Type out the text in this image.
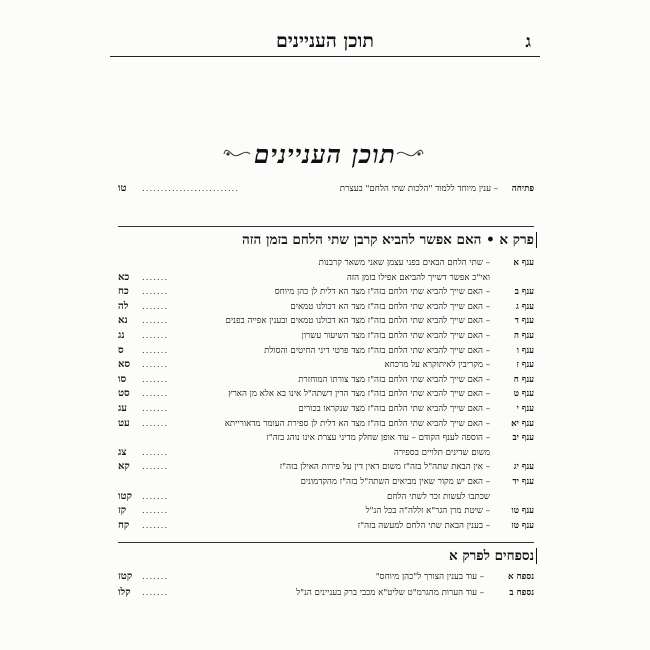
תוכן העניינים	ג
תוכן העניינים
פתיחה
– ענין מיוחד ללמוד "הלכות שתי הלחם" בעצרת
..........................
טו
פרק א • האם אפשר להביא קרבן שתי הלחם בזמן הזה
ענף א
– שתי הלחם הבאים בפני עצמן שאני משאר קרבנות
ואי"כ אפשר דשייך להביאם אפילו בזמן הזה
.......
כא
ענף ב
– האם שייך להביא שתי הלחם בזה"ז מצד הא דלית לן כהן מיוחס
.......
כח
ענף ג
– האם שייך להביא שתי הלחם בזה"ז מצד הא דכולנו טמאים
.......
לה
ענף ד
– האם שייך להביא שתי הלחם בזה"ז מצד הא דכולנו טמאים ובענין אפייה בפנים
.......
נא
ענף ה
– האם שייך להביא שתי הלחם בזה"ז מצד השיעור עשרון
.......
נג
ענף ו
– האם שייך להביא שתי הלחם בזה"ז מצד פרטי דיני החיטים והסולת
.......
ס
ענף ז
– מקריבין לאיתוקרא על מרכחא
.......
סא
ענף ח
– האם שייך להביא שתי הלחם בזה"ז מצד צורתו המוחזרת
.......
סו
ענף ט
– האם שייך להביא שתי הלחם בזה"ז מצד הדין דשתה"ל אינו בא אלא מן הארץ
.......
סט
ענף י
– האם שייך להביא שתי הלחם בזה"ז מצד שנקראו בכורים
.......
עג
ענף יא
– האם שייך להביא שתי הלחם בזה"ז מצד הא דלית לן ספירת העומר מדאורייתא
.......
עט
ענף יב
– הוספה לענף הקודם – עוד אופן שחלק מדיני עצרת אינו נוהג בזה"ז
משום שדינים תלויים בספירה
.......
צג
ענף יג
– אין הבאת שתה"ל בזה"ז משום דאין דין על פירות האילן בזה"ז
.......
קא
ענף יד
– האם יש מקור שאין מביאים השתה"ל בזה"ז מהקדמונים
שכתבו לעשות זכר לשתי הלחם
.......
קטו
ענף טו
– שיטת מרן הגר"א זללה"ה בכל הנ"ל
.......
קז
ענף טז
– בענין הבאת שתי הלחם למעשה בזה"ז
.......
קח
נספחים לפרק א
נספח א
– עוד בענין הצורך ל"כהן מיוחס"
.......
קטז
נספח ב
– עוד הערות מהגרמ"ט שליט"א מכבי ברק בעניינים הנ"ל
.......
קלו
